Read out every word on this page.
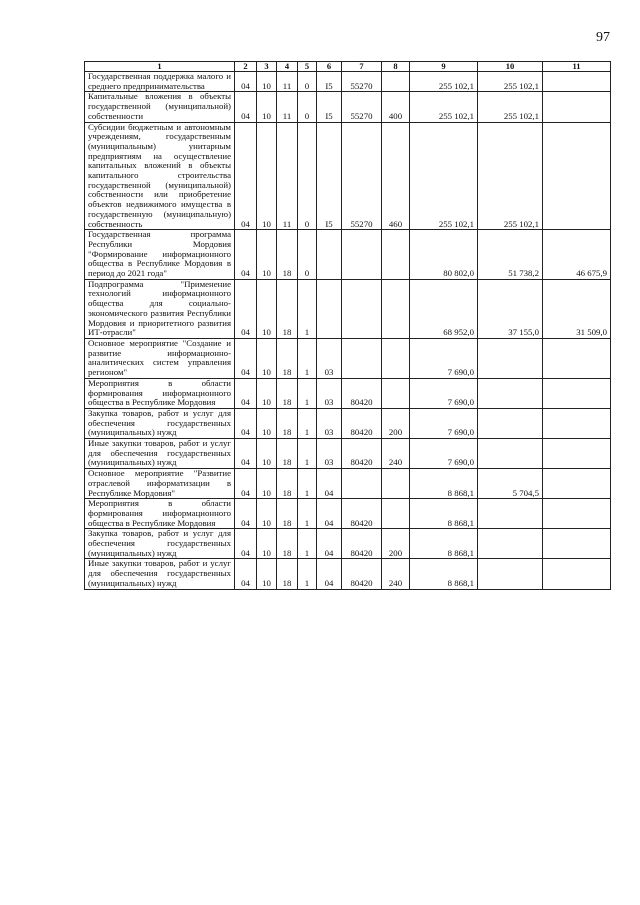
97
1	2	3	4	5	6	7	8	9	10	11
Государственная поддержка малого и среднего предпринимательства	04	10	11	0	I5	55270		255 102,1	255 102,1	
Капитальные вложения в объекты государственной (муниципальной) собственности	04	10	11	0	I5	55270	400	255 102,1	255 102,1	
Субсидии бюджетным и автономным учреждениям, государственным (муниципальным) унитарным предприятиям на осуществление капитальных вложений в объекты капитального строительства государственной (муниципальной) собственности или приобретение объектов недвижимого имущества в государственную (муниципальную) собственность	04	10	11	0	I5	55270	460	255 102,1	255 102,1	
Государственная программа Республики Мордовия "Формирование информационного общества в Республике Мордовия в период до 2021 года"	04	10	18	0				80 802,0	51 738,2	46 675,9
Подпрограмма "Применение технологий информационного общества для социально-экономического развития Республики Мордовия и приоритетного развития ИТ-отрасли"	04	10	18	1				68 952,0	37 155,0	31 509,0
Основное мероприятие "Создание и развитие информационно-аналитических систем управления регионом"	04	10	18	1	03			7 690,0		
Мероприятия в области формирования информационного общества в Республике Мордовия	04	10	18	1	03	80420		7 690,0		
Закупка товаров, работ и услуг для обеспечения государственных (муниципальных) нужд	04	10	18	1	03	80420	200	7 690,0		
Иные закупки товаров, работ и услуг для обеспечения государственных (муниципальных) нужд	04	10	18	1	03	80420	240	7 690,0		
Основное мероприятие "Развитие отраслевой информатизации в Республике Мордовия"	04	10	18	1	04			8 868,1	5 704,5	
Мероприятия в области формирования информационного общества в Республике Мордовия	04	10	18	1	04	80420		8 868,1		
Закупка товаров, работ и услуг для обеспечения государственных (муниципальных) нужд	04	10	18	1	04	80420	200	8 868,1		
Иные закупки товаров, работ и услуг для обеспечения государственных (муниципальных) нужд	04	10	18	1	04	80420	240	8 868,1		
